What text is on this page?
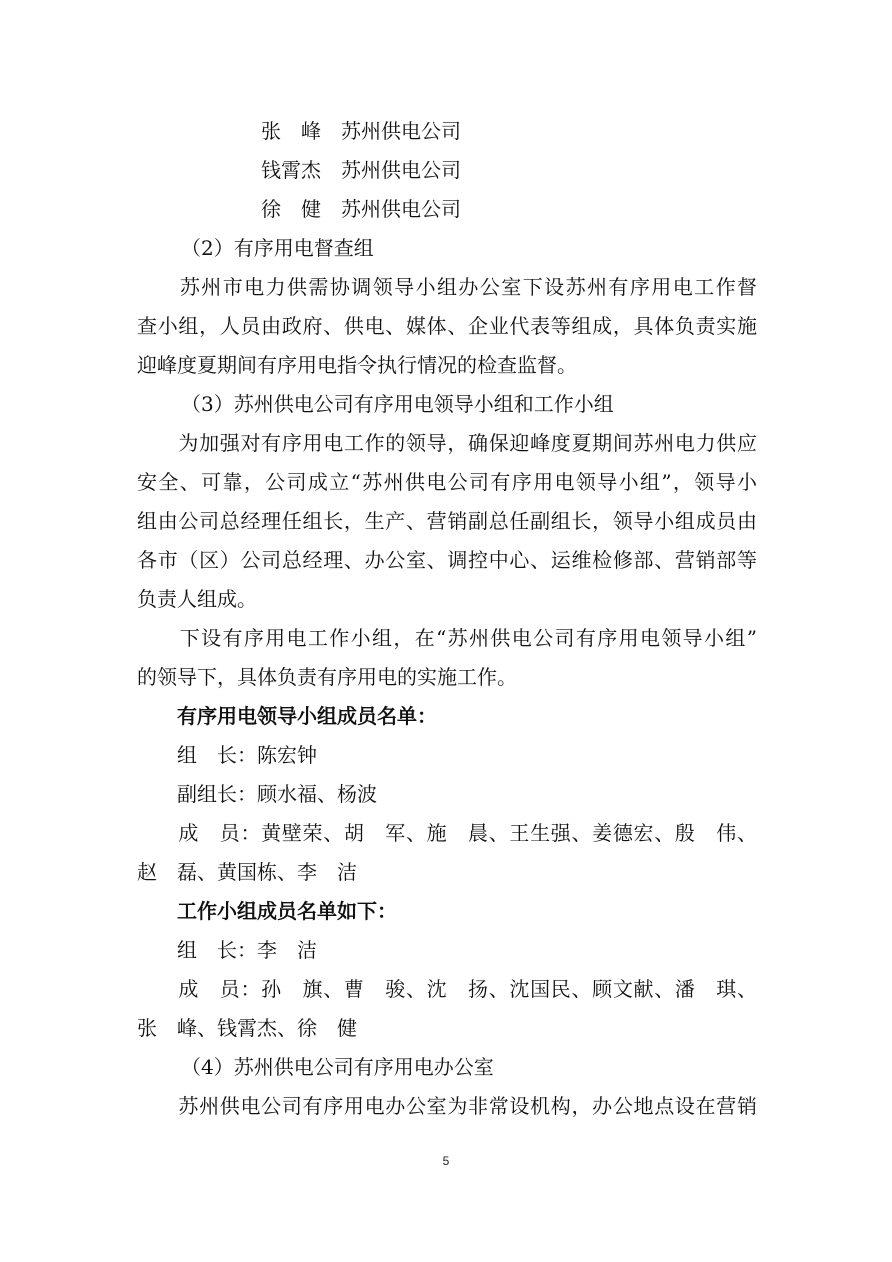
张　峰　苏州供电公司
钱霄杰　苏州供电公司
徐　健　苏州供电公司
（2）有序用电督查组
　　苏州市电力供需协调领导小组办公室下设苏州有序用电工作督
查小组，人员由政府、供电、媒体、企业代表等组成，具体负责实施
迎峰度夏期间有序用电指令执行情况的检查监督。
（3）苏州供电公司有序用电领导小组和工作小组
　　为加强对有序用电工作的领导，确保迎峰度夏期间苏州电力供应
安全、可靠，公司成立“苏州供电公司有序用电领导小组”，领导小
组由公司总经理任组长，生产、营销副总任副组长，领导小组成员由
各市（区）公司总经理、办公室、调控中心、运维检修部、营销部等
负责人组成。
　　下设有序用电工作小组，在“苏州供电公司有序用电领导小组”
的领导下，具体负责有序用电的实施工作。
　　有序用电领导小组成员名单：
　　组　长：陈宏钟
　　副组长：顾水福、杨波
　　成　员：黄壁荣、胡　军、施　晨、王生强、姜德宏、殷　伟、
赵　磊、黄国栋、李　洁
　　工作小组成员名单如下：
　　组　长：李　洁
　　成　员：孙　旗、曹　骏、沈　扬、沈国民、顾文献、潘　琪、
张　峰、钱霄杰、徐　健
（4）苏州供电公司有序用电办公室
　　苏州供电公司有序用电办公室为非常设机构，办公地点设在营销
5
